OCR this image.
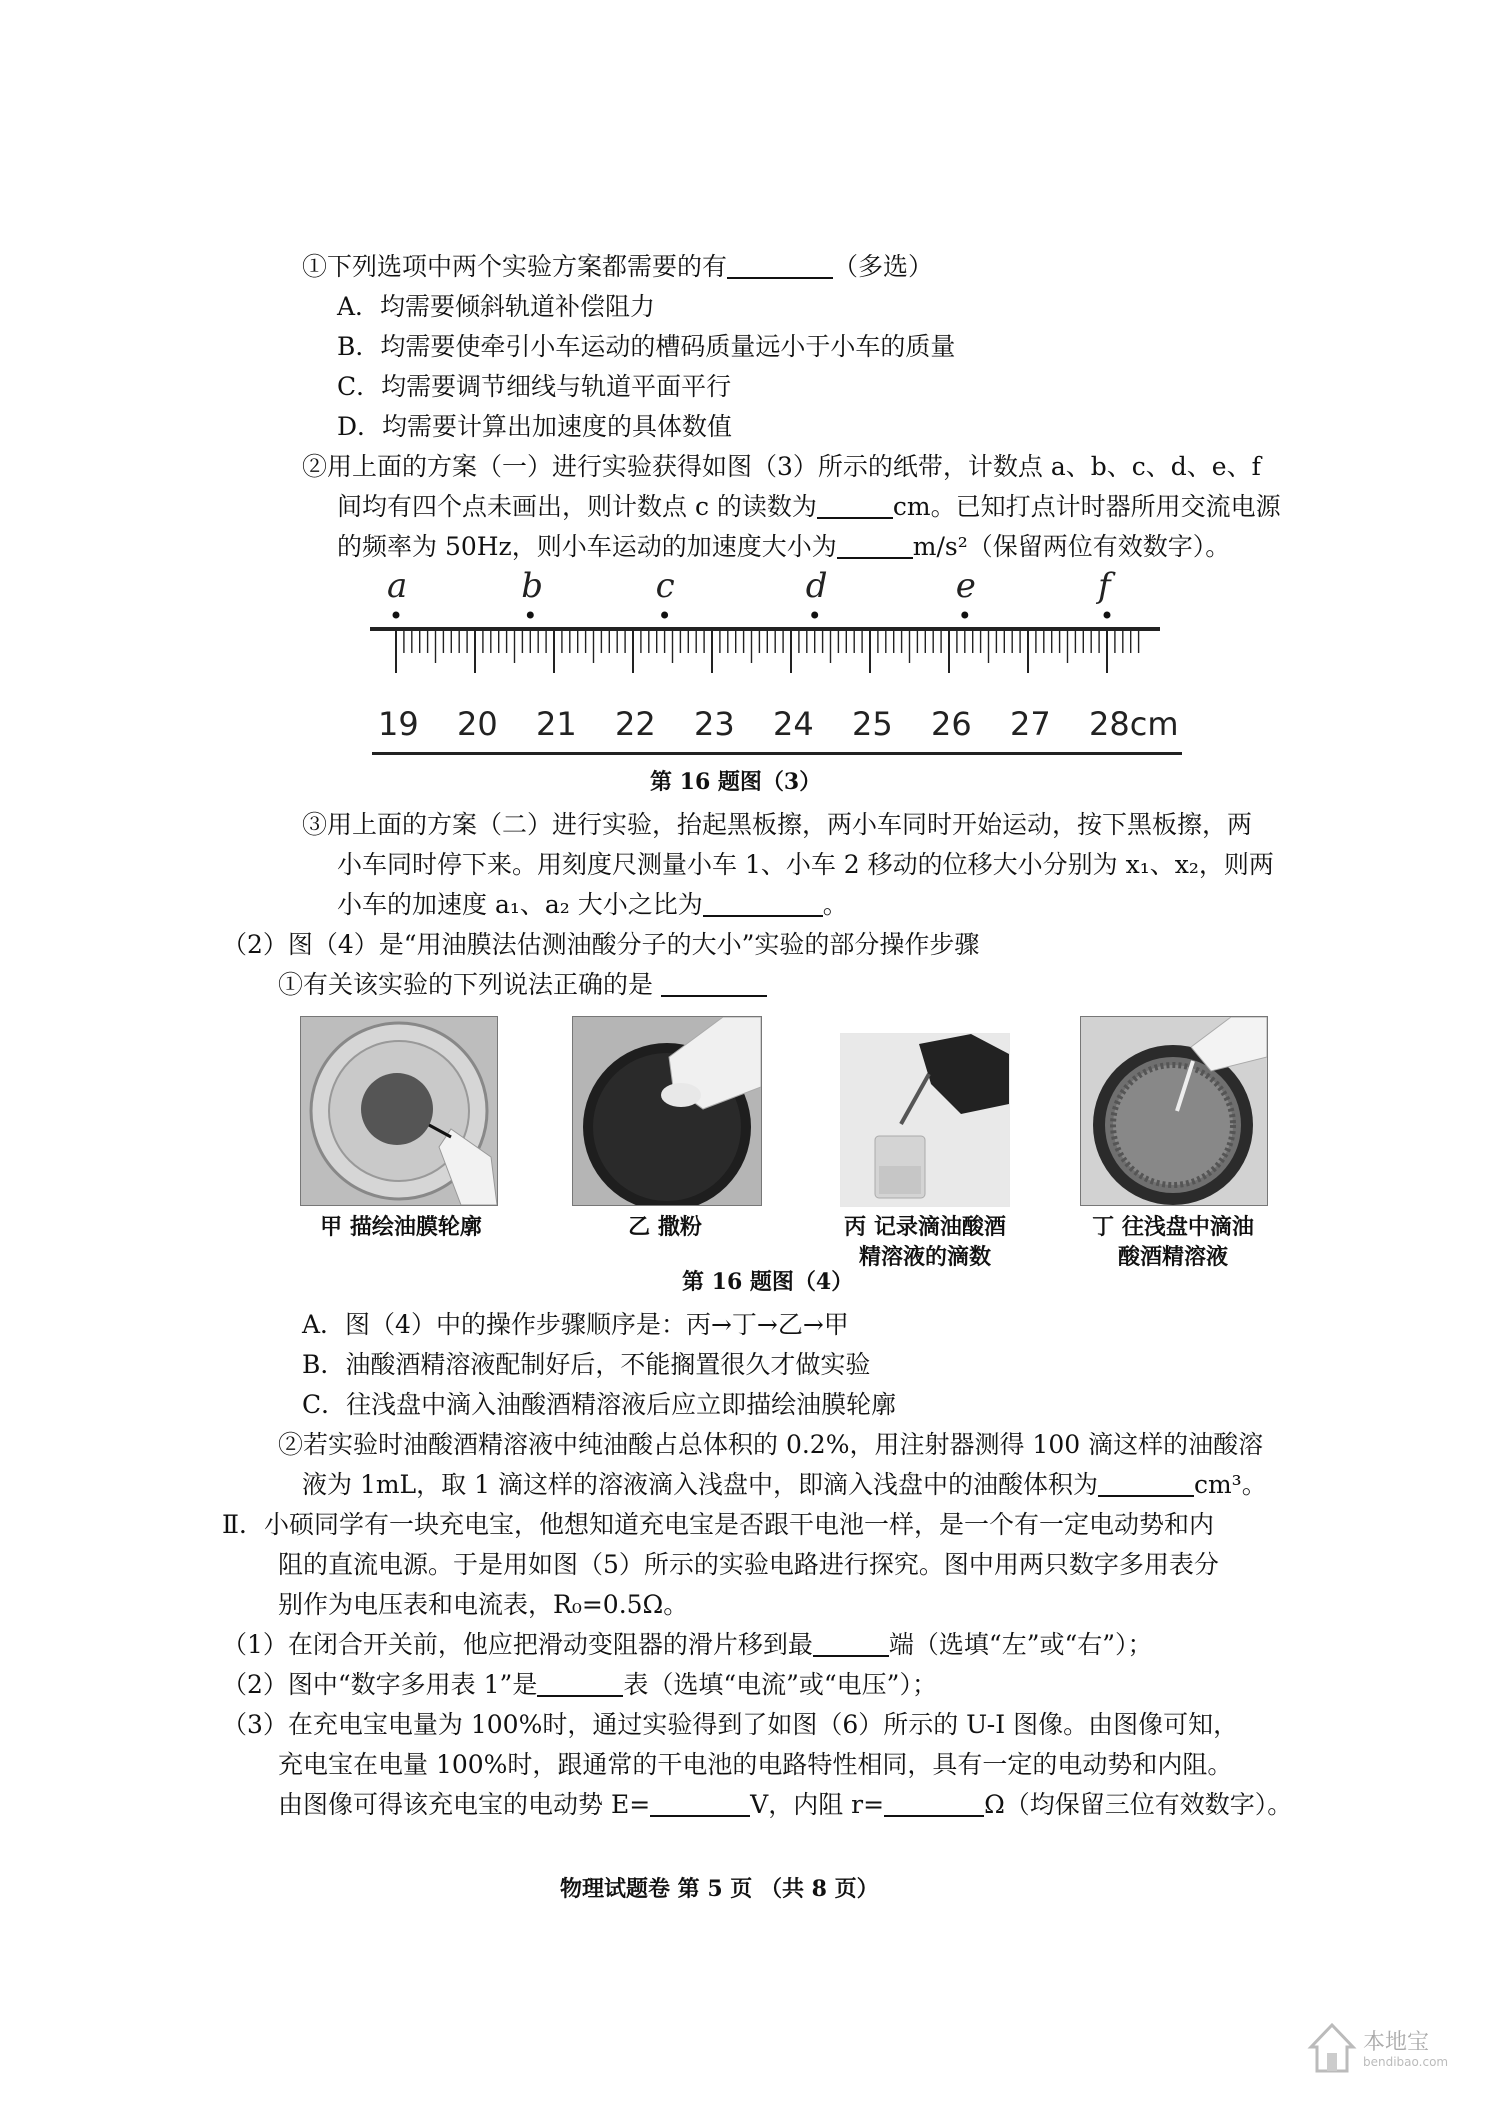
①下列选项中两个实验方案都需要的有	（多选）
A．均需要倾斜轨道补偿阻力
B．均需要使牵引小车运动的槽码质量远小于小车的质量
C．均需要调节细线与轨道平面平行
D．均需要计算出加速度的具体数值
②用上面的方案（一）进行实验获得如图（3）所示的纸带，计数点 a、b、c、d、e、f
间均有四个点未画出，则计数点 c 的读数为	cm。已知打点计时器所用交流电源
的频率为 50Hz，则小车运动的加速度大小为	m/s²（保留两位有效数字）。
a	b	c	d	e	f
19 20 21 22 23 24 25 26 27 28cm
第 16 题图（3）
③用上面的方案（二）进行实验，抬起黑板擦，两小车同时开始运动，按下黑板擦，两
小车同时停下来。用刻度尺测量小车 1、小车 2 移动的位移大小分别为 x₁、x₂，则两
小车的加速度 a₁、a₂ 大小之比为	。
（2）图（4）是“用油膜法估测油酸分子的大小”实验的部分操作步骤
①有关该实验的下列说法正确的是
甲 描绘油膜轮廓	乙 撒粉	丙 记录滴油酸酒
精溶液的滴数
丁 往浅盘中滴油
酸酒精溶液
第 16 题图（4）
A．图（4）中的操作步骤顺序是：丙→丁→乙→甲
B．油酸酒精溶液配制好后，不能搁置很久才做实验
C．往浅盘中滴入油酸酒精溶液后应立即描绘油膜轮廓
②若实验时油酸酒精溶液中纯油酸占总体积的 0.2%，用注射器测得 100 滴这样的油酸溶
液为 1mL，取 1 滴这样的溶液滴入浅盘中，即滴入浅盘中的油酸体积为	cm³。
Ⅱ．小硕同学有一块充电宝，他想知道充电宝是否跟干电池一样，是一个有一定电动势和内
阻的直流电源。于是用如图（5）所示的实验电路进行探究。图中用两只数字多用表分
别作为电压表和电流表，R₀=0.5Ω。
（1）在闭合开关前，他应把滑动变阻器的滑片移到最	端（选填“左”或“右”）；
（2）图中“数字多用表 1”是	表（选填“电流”或“电压”）；
（3）在充电宝电量为 100%时，通过实验得到了如图（6）所示的 U-I 图像。由图像可知，
充电宝在电量 100%时，跟通常的干电池的电路特性相同，具有一定的电动势和内阻。
由图像可得该充电宝的电动势 E=	V，内阻 r=	Ω（均保留三位有效数字）。
物理试题卷 第 5 页 （共 8 页）
本地宝
bendibao.com
